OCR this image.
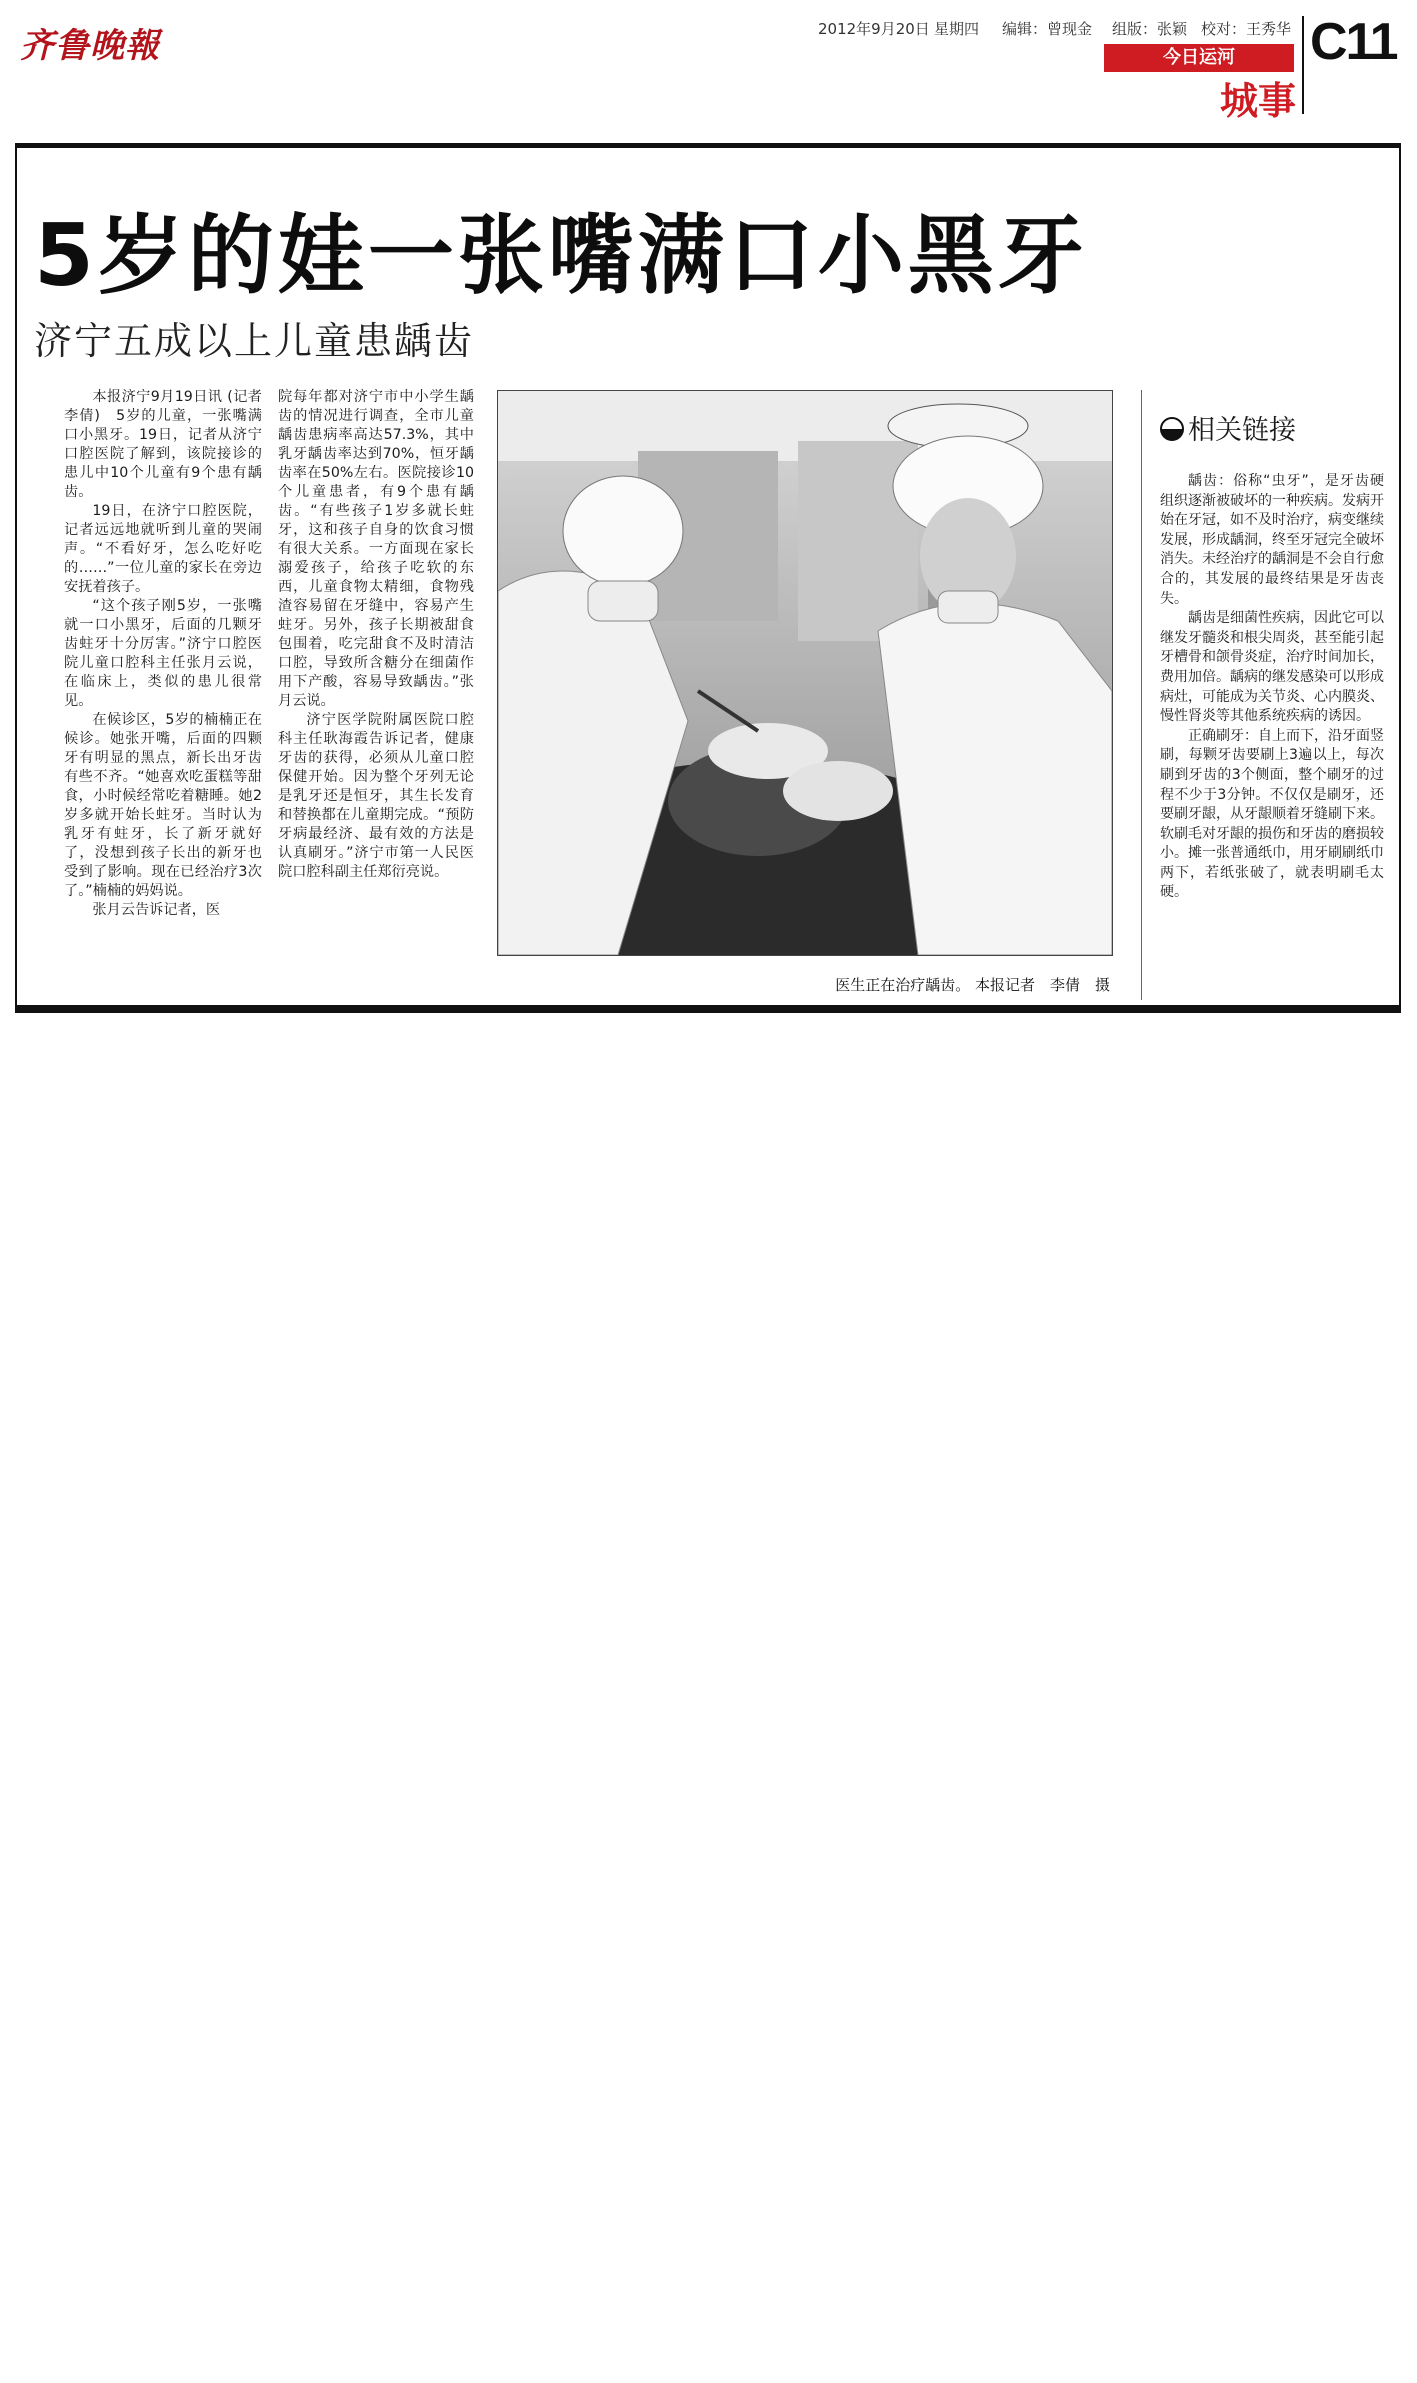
齐鲁晚報	2012年9月20日 星期四 编辑：曾现金 组版：张颖 校对：王秀华
今日运河
城事
C11
5岁的娃一张嘴满口小黑牙
济宁五成以上儿童患龋齿

本报济宁9月19日讯 (记者　李倩)　5岁的儿童，一张嘴满口小黑牙。19日，记者从济宁口腔医院了解到，该院接诊的患儿中10个儿童有9个患有龋齿。

19日，在济宁口腔医院，记者远远地就听到儿童的哭闹声。“不看好牙，怎么吃好吃的……”一位儿童的家长在旁边安抚着孩子。

“这个孩子刚5岁，一张嘴就一口小黑牙，后面的几颗牙齿蛀牙十分厉害。”济宁口腔医院儿童口腔科主任张月云说，在临床上，类似的患儿很常见。

在候诊区，5岁的楠楠正在候诊。她张开嘴，后面的四颗牙有明显的黑点，新长出牙齿有些不齐。“她喜欢吃蛋糕等甜食，小时候经常吃着糖睡。她2岁多就开始长蛀牙。当时认为乳牙有蛀牙，长了新牙就好了，没想到孩子长出的新牙也受到了影响。现在已经治疗3次了。”楠楠的妈妈说。

张月云告诉记者，医

院每年都对济宁市中小学生龋齿的情况进行调查，全市儿童龋齿患病率高达57.3%，其中乳牙龋齿率达到70%，恒牙龋齿率在50%左右。医院接诊10个儿童患者，有9个患有龋齿。“有些孩子1岁多就长蛀牙，这和孩子自身的饮食习惯有很大关系。一方面现在家长溺爱孩子，给孩子吃软的东西，儿童食物太精细，食物残渣容易留在牙缝中，容易产生蛀牙。另外，孩子长期被甜食包围着，吃完甜食不及时清洁口腔，导致所含糖分在细菌作用下产酸，容易导致龋齿。”张月云说。

济宁医学院附属医院口腔科主任耿海霞告诉记者，健康牙齿的获得，必须从儿童口腔保健开始。因为整个牙列无论是乳牙还是恒牙，其生长发育和替换都在儿童期完成。“预防牙病最经济、最有效的方法是认真刷牙。”济宁市第一人民医院口腔科副主任郑衍亮说。

医生正在治疗龋齿。 本报记者　李倩　摄
相关链接

龋齿：俗称“虫牙”，是牙齿硬组织逐渐被破坏的一种疾病。发病开始在牙冠，如不及时治疗，病变继续发展，形成龋洞，终至牙冠完全破坏消失。未经治疗的龋洞是不会自行愈合的，其发展的最终结果是牙齿丧失。

龋齿是细菌性疾病，因此它可以继发牙髓炎和根尖周炎，甚至能引起牙槽骨和颌骨炎症，治疗时间加长，费用加倍。龋病的继发感染可以形成病灶，可能成为关节炎、心内膜炎、慢性肾炎等其他系统疾病的诱因。

正确刷牙：自上而下，沿牙面竖刷，每颗牙齿要刷上3遍以上，每次刷到牙齿的3个侧面，整个刷牙的过程不少于3分钟。不仅仅是刷牙，还要刷牙龈，从牙龈顺着牙缝刷下来。软刷毛对牙龈的损伤和牙齿的磨损较小。摊一张普通纸巾，用牙刷刷纸巾两下，若纸张破了，就表明刷毛太硬。
